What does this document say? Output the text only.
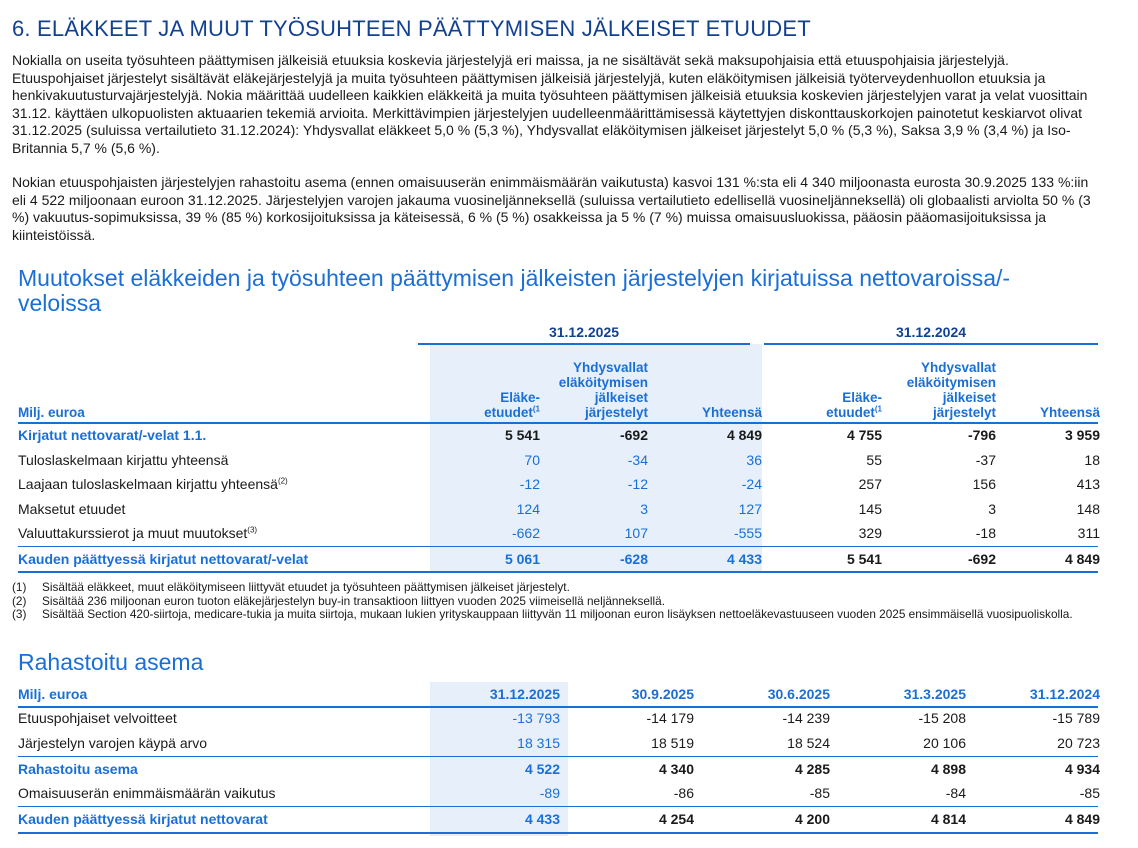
6. ELÄKKEET JA MUUT TYÖSUHTEEN PÄÄTTYMISEN JÄLKEISET ETUUDET

Nokialla on useita työsuhteen päättymisen jälkeisiä etuuksia koskevia järjestelyjä eri maissa, ja ne sisältävät sekä maksupohjaisia että etuuspohjaisia järjestelyjä. Etuuspohjaiset järjestelyt sisältävät eläkejärjestelyjä ja muita työsuhteen päättymisen jälkeisiä järjestelyjä, kuten eläköitymisen jälkeisiä työterveydenhuollon etuuksia ja henkivakuutusturvajärjestelyjä. Nokia määrittää uudelleen kaikkien eläkkeitä ja muita työsuhteen päättymisen jälkeisiä etuuksia koskevien järjestelyjen varat ja velat vuosittain 31.12. käyttäen ulkopuolisten aktuaarien tekemiä arvioita. Merkittävimpien järjestelyjen uudelleenmäärittämisessä käytettyjen diskonttauskorkojen painotetut keskiarvot olivat 31.12.2025 (suluissa vertailutieto 31.12.2024): Yhdysvallat eläkkeet 5,0 % (5,3 %), Yhdysvallat eläköitymisen jälkeiset järjestelyt 5,0 % (5,3 %), Saksa 3,9 % (3,4 %) ja Iso-Britannia 5,7 % (5,6 %).

Nokian etuuspohjaisten järjestelyjen rahastoitu asema (ennen omaisuuserän enimmäismäärän vaikutusta) kasvoi 131 %:sta eli 4 340 miljoonasta eurosta 30.9.2025 133 %:iin eli 4 522 miljoonaan euroon 31.12.2025. Järjestelyjen varojen jakauma vuosineljänneksellä (suluissa vertailutieto edellisellä vuosineljänneksellä) oli globaalisti arviolta 50 % (3 %) vakuutus-sopimuksissa, 39 % (85 %) korkosijoituksissa ja käteisessä, 6 % (5 %) osakkeissa ja 5 % (7 %) muissa omaisuusluokissa, pääosin pääomasijoituksissa ja kiinteistöissä.

Muutokset eläkkeiden ja työsuhteen päättymisen jälkeisten järjestelyjen kirjatuissa nettovaroissa/-veloissa
31.12.2025	31.12.2024
Milj. euroa
Eläke-
etuudet$^{(1}$
Yhdysvallat
eläköitymisen
jälkeiset
järjestelyt	Yhteensä
Eläke-
etuudet$^{(1}$
Yhdysvallat
eläköitymisen
jälkeiset
järjestelyt	Yhteensä
Kirjatut nettovarat/-velat 1.1.	5 541	-692	4 849	4 755	-796	3 959
Tuloslaskelmaan kirjattu yhteensä	70	-34	36	55	-37	18
Laajaan tuloslaskelmaan kirjattu yhteensä$^{(2)}$	-12	-12	-24	257	156	413
Maksetut etuudet	124	3	127	145	3	148
Valuuttakurssierot ja muut muutokset$^{(3)}$	-662	107	-555	329	-18	311
Kauden päättyessä kirjatut nettovarat/-velat	5 061	-628	4 433	5 541	-692	4 849
(1)	Sisältää eläkkeet, muut eläköitymiseen liittyvät etuudet ja työsuhteen päättymisen jälkeiset järjestelyt.
(2)	Sisältää 236 miljoonan euron tuoton eläkejärjestelyn buy-in transaktioon liittyen vuoden 2025 viimeisellä neljänneksellä.
(3)	Sisältää Section 420-siirtoja, medicare-tukia ja muita siirtoja, mukaan lukien yrityskauppaan liittyvän 11 miljoonan euron lisäyksen nettoeläkevastuuseen vuoden 2025 ensimmäisellä vuosipuoliskolla.
Rahastoitu asema
Milj. euroa	31.12.2025	30.9.2025	30.6.2025	31.3.2025	31.12.2024
Etuuspohjaiset velvoitteet	-13 793	-14 179	-14 239	-15 208	-15 789
Järjestelyn varojen käypä arvo	18 315	18 519	18 524	20 106	20 723
Rahastoitu asema	4 522	4 340	4 285	4 898	4 934
Omaisuuserän enimmäismäärän vaikutus	-89	-86	-85	-84	-85
Kauden päättyessä kirjatut nettovarat	4 433	4 254	4 200	4 814	4 849
